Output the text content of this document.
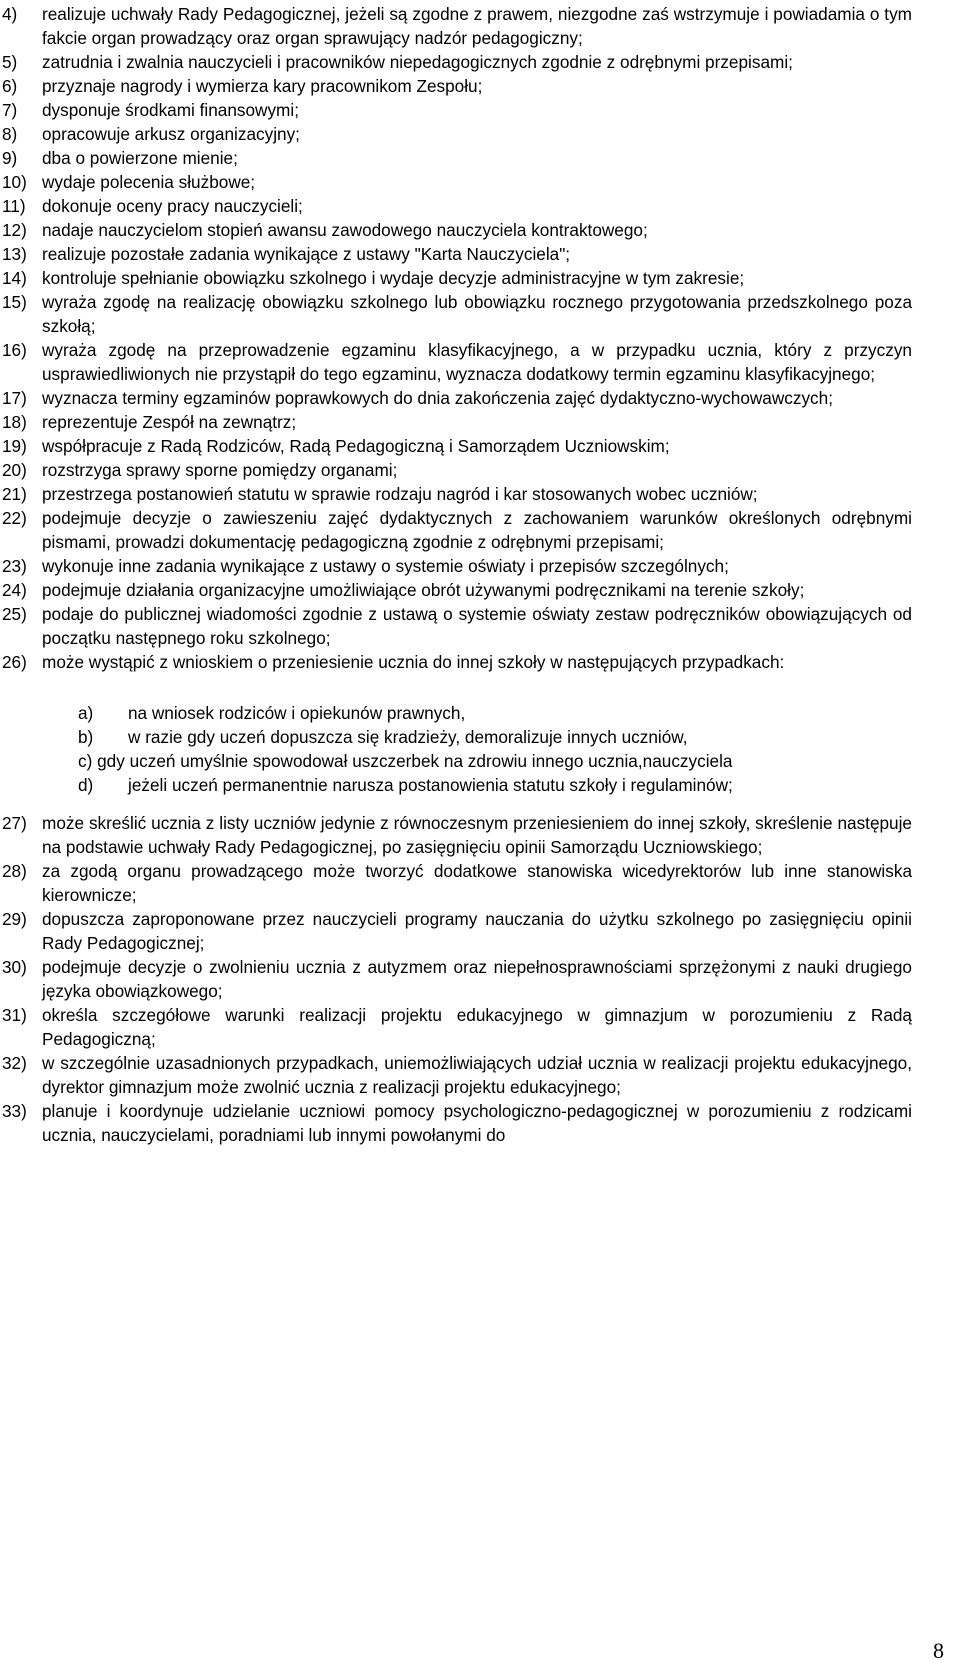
4) realizuje uchwały Rady Pedagogicznej, jeżeli są zgodne z prawem, niezgodne zaś wstrzymuje i powiadamia o tym fakcie organ prowadzący oraz organ sprawujący nadzór pedagogiczny;
5) zatrudnia i zwalnia nauczycieli i pracowników niepedagogicznych zgodnie z odrębnymi przepisami;
6) przyznaje nagrody i wymierza kary pracownikom Zespołu;
7) dysponuje środkami finansowymi;
8) opracowuje arkusz organizacyjny;
9) dba o powierzone mienie;
10) wydaje polecenia służbowe;
11) dokonuje oceny pracy nauczycieli;
12) nadaje nauczycielom stopień awansu zawodowego nauczyciela kontraktowego;
13) realizuje pozostałe zadania wynikające z ustawy "Karta Nauczyciela";
14) kontroluje spełnianie obowiązku szkolnego i wydaje decyzje administracyjne w tym zakresie;
15) wyraża zgodę na realizację obowiązku szkolnego lub obowiązku rocznego przygotowania przedszkolnego poza szkołą;
16) wyraża zgodę na przeprowadzenie egzaminu klasyfikacyjnego, a w przypadku ucznia, który z przyczyn usprawiedliwionych nie przystąpił do tego egzaminu, wyznacza dodatkowy termin egzaminu klasyfikacyjnego;
17) wyznacza terminy egzaminów poprawkowych do dnia zakończenia zajęć dydaktyczno-wychowawczych;
18) reprezentuje Zespół na zewnątrz;
19) współpracuje z Radą Rodziców, Radą Pedagogiczną i Samorządem Uczniowskim;
20) rozstrzyga sprawy sporne pomiędzy organami;
21) przestrzega postanowień statutu w sprawie rodzaju nagród i kar stosowanych wobec uczniów;
22) podejmuje decyzje o zawieszeniu zajęć dydaktycznych z zachowaniem warunków określonych odrębnymi pismami, prowadzi dokumentację pedagogiczną zgodnie z odrębnymi przepisami;
23) wykonuje inne zadania wynikające z ustawy o systemie oświaty i przepisów szczególnych;
24) podejmuje działania organizacyjne umożliwiające obrót używanymi podręcznikami na terenie szkoły;
25) podaje do publicznej wiadomości zgodnie z ustawą o systemie oświaty zestaw podręczników obowiązujących od początku następnego roku szkolnego;
26) może wystąpić z wnioskiem o przeniesienie ucznia do innej szkoły w następujących przypadkach:
a) na wniosek rodziców i opiekunów prawnych,
b) w razie gdy uczeń dopuszcza się kradzieży, demoralizuje innych uczniów,
c) gdy uczeń umyślnie spowodował uszczerbek na zdrowiu innego ucznia,nauczyciela
d) jeżeli uczeń permanentnie narusza postanowienia statutu szkoły i regulaminów;
27) może skreślić ucznia z listy uczniów jedynie z równoczesnym przeniesieniem do innej szkoły, skreślenie następuje na podstawie uchwały Rady Pedagogicznej, po zasięgnięciu opinii Samorządu Uczniowskiego;
28) za zgodą organu prowadzącego może tworzyć dodatkowe stanowiska wicedyrektorów lub inne stanowiska kierownicze;
29) dopuszcza zaproponowane przez nauczycieli programy nauczania do użytku szkolnego po zasięgnięciu opinii Rady Pedagogicznej;
30) podejmuje decyzje o zwolnieniu ucznia z autyzmem oraz niepełnosprawnościami sprzężonymi z nauki drugiego języka obowiązkowego;
31) określa szczegółowe warunki realizacji projektu edukacyjnego w gimnazjum w porozumieniu z Radą Pedagogiczną;
32) w szczególnie uzasadnionych przypadkach, uniemożliwiających udział ucznia w realizacji projektu edukacyjnego, dyrektor gimnazjum może zwolnić ucznia z realizacji projektu edukacyjnego;
33) planuje i koordynuje udzielanie uczniowi pomocy psychologiczno-pedagogicznej w porozumieniu z rodzicami ucznia, nauczycielami, poradniami lub innymi powołanymi do
8
